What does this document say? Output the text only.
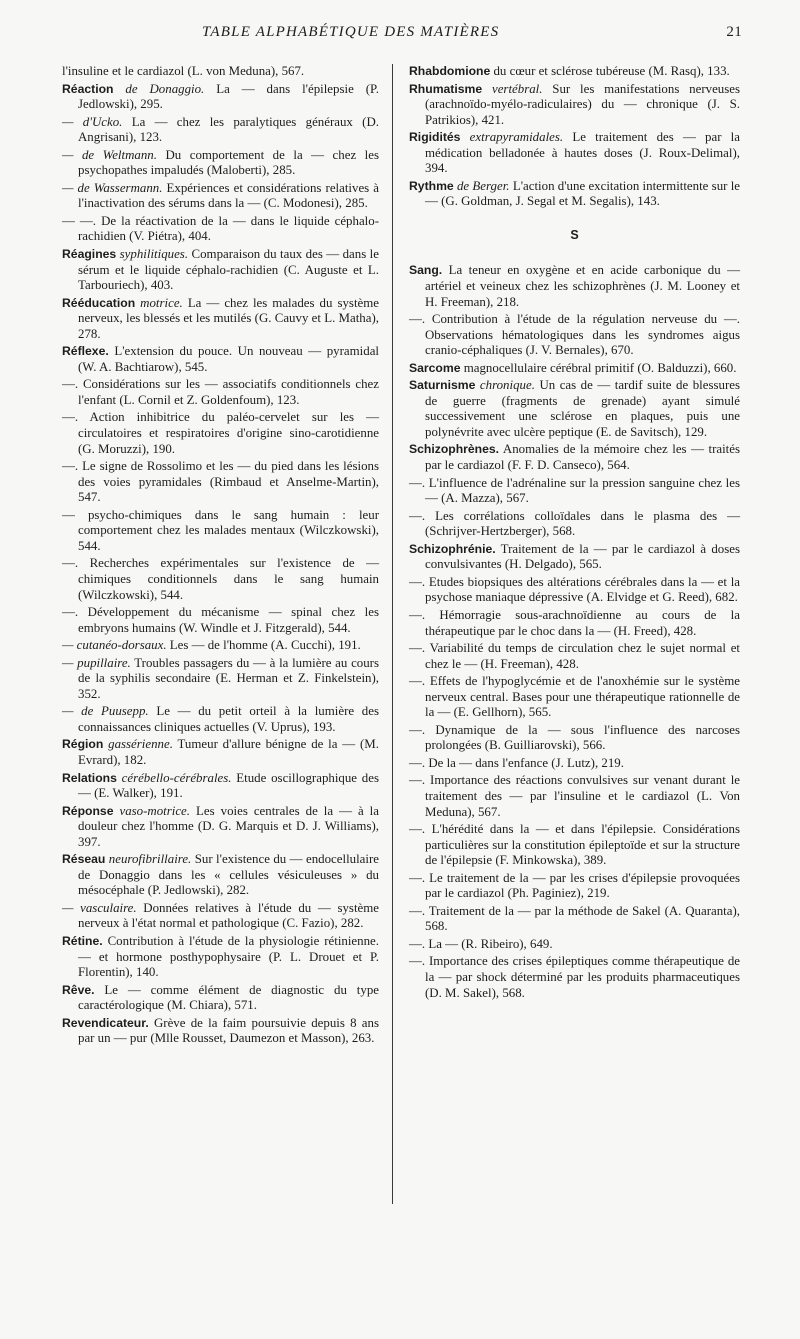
TABLE ALPHABÉTIQUE DES MATIÈRES	21

l'insuline et le cardiazol (L. von Meduna), 567.

Réaction de Donaggio. La — dans l'épilepsie (P. Jedlowski), 295.

— d'Ucko. La — chez les paralytiques généraux (D. Angrisani), 123.

— de Weltmann. Du comportement de la — chez les psychopathes impaludés (Maloberti), 285.

— de Wassermann. Expériences et considérations relatives à l'inactivation des sérums dans la — (C. Modonesi), 285.

— —. De la réactivation de la — dans le liquide céphalo-rachidien (V. Piétra), 404.

Réagines syphilitiques. Comparaison du taux des — dans le sérum et le liquide céphalo-rachidien (C. Auguste et L. Tarbouriech), 403.

Rééducation motrice. La — chez les malades du système nerveux, les blessés et les mutilés (G. Cauvy et L. Matha), 278.

Réflexe. L'extension du pouce. Un nouveau — pyramidal (W. A. Bachtiarow), 545.

—. Considérations sur les — associatifs conditionnels chez l'enfant (L. Cornil et Z. Goldenfoum), 123.

—. Action inhibitrice du paléo-cervelet sur les — circulatoires et respiratoires d'origine sino-carotidienne (G. Moruzzi), 190.

—. Le signe de Rossolimo et les — du pied dans les lésions des voies pyramidales (Rimbaud et Anselme-Martin), 547.

— psycho-chimiques dans le sang humain : leur comportement chez les malades mentaux (Wilczkowski), 544.

—. Recherches expérimentales sur l'existence de — chimiques conditionnels dans le sang humain (Wilczkowski), 544.

—. Développement du mécanisme — spinal chez les embryons humains (W. Windle et J. Fitzgerald), 544.

— cutanéo-dorsaux. Les — de l'homme (A. Cucchi), 191.

— pupillaire. Troubles passagers du — à la lumière au cours de la syphilis secondaire (E. Herman et Z. Finkelstein), 352.

— de Puusepp. Le — du petit orteil à la lumière des connaissances cliniques actuelles (V. Uprus), 193.

Région gassérienne. Tumeur d'allure bénigne de la — (M. Evrard), 182.

Relations cérébello-cérébrales. Etude oscillographique des — (E. Walker), 191.

Réponse vaso-motrice. Les voies centrales de la — à la douleur chez l'homme (D. G. Marquis et D. J. Williams), 397.

Réseau neurofibrillaire. Sur l'existence du — endocellulaire de Donaggio dans les « cellules vésiculeuses » du mésocéphale (P. Jedlowski), 282.

— vasculaire. Données relatives à l'étude du — système nerveux à l'état normal et pathologique (C. Fazio), 282.

Rétine. Contribution à l'étude de la physiologie rétinienne. — et hormone posthypophysaire (P. L. Drouet et P. Florentin), 140.

Rêve. Le — comme élément de diagnostic du type caractérologique (M. Chiara), 571.

Revendicateur. Grève de la faim poursuivie depuis 8 ans par un — pur (Mlle Rousset, Daumezon et Masson), 263.

Rhabdomione du cœur et sclérose tubéreuse (M. Rasq), 133.

Rhumatisme vertébral. Sur les manifestations nerveuses (arachnoïdo-myélo-radiculaires) du — chronique (J. S. Patrikios), 421.

Rigidités extrapyramidales. Le traitement des — par la médication belladonée à hautes doses (J. Roux-Delimal), 394.

Rythme de Berger. L'action d'une excitation intermittente sur le — (G. Goldman, J. Segal et M. Segalis), 143.

S

Sang. La teneur en oxygène et en acide carbonique du — artériel et veineux chez les schizophrènes (J. M. Looney et H. Freeman), 218.

—. Contribution à l'étude de la régulation nerveuse du —. Observations hématologiques dans les syndromes aigus cranio-céphaliques (J. V. Bernales), 670.

Sarcome magnocellulaire cérébral primitif (O. Balduzzi), 660.

Saturnisme chronique. Un cas de — tardif suite de blessures de guerre (fragments de grenade) ayant simulé successivement une sclérose en plaques, puis une polynévrite avec ulcère peptique (E. de Savitsch), 129.

Schizophrènes. Anomalies de la mémoire chez les — traités par le cardiazol (F. F. D. Canseco), 564.

—. L'influence de l'adrénaline sur la pression sanguine chez les — (A. Mazza), 567.

—. Les corrélations colloïdales dans le plasma des — (Schrijver-Hertzberger), 568.

Schizophrénie. Traitement de la — par le cardiazol à doses convulsivantes (H. Delgado), 565.

—. Etudes biopsiques des altérations cérébrales dans la — et la psychose maniaque dépressive (A. Elvidge et G. Reed), 682.

—. Hémorragie sous-arachnoïdienne au cours de la thérapeutique par le choc dans la — (H. Freed), 428.

—. Variabilité du temps de circulation chez le sujet normal et chez le — (H. Freeman), 428.

—. Effets de l'hypoglycémie et de l'anoxhémie sur le système nerveux central. Bases pour une thérapeutique rationnelle de la — (E. Gellhorn), 565.

—. Dynamique de la — sous l'influence des narcoses prolongées (B. Guilliarovski), 566.

—. De la — dans l'enfance (J. Lutz), 219.

—. Importance des réactions convulsives sur venant durant le traitement des — par l'insuline et le cardiazol (L. Von Meduna), 567.

—. L'hérédité dans la — et dans l'épilepsie. Considérations particulières sur la constitution épileptoïde et sur la structure de l'épilepsie (F. Minkowska), 389.

—. Le traitement de la — par les crises d'épilepsie provoquées par le cardiazol (Ph. Paginiez), 219.

—. Traitement de la — par la méthode de Sakel (A. Quaranta), 568.

—. La — (R. Ribeiro), 649.

—. Importance des crises épileptiques comme thérapeutique de la — par shock déterminé par les produits pharmaceutiques (D. M. Sakel), 568.
